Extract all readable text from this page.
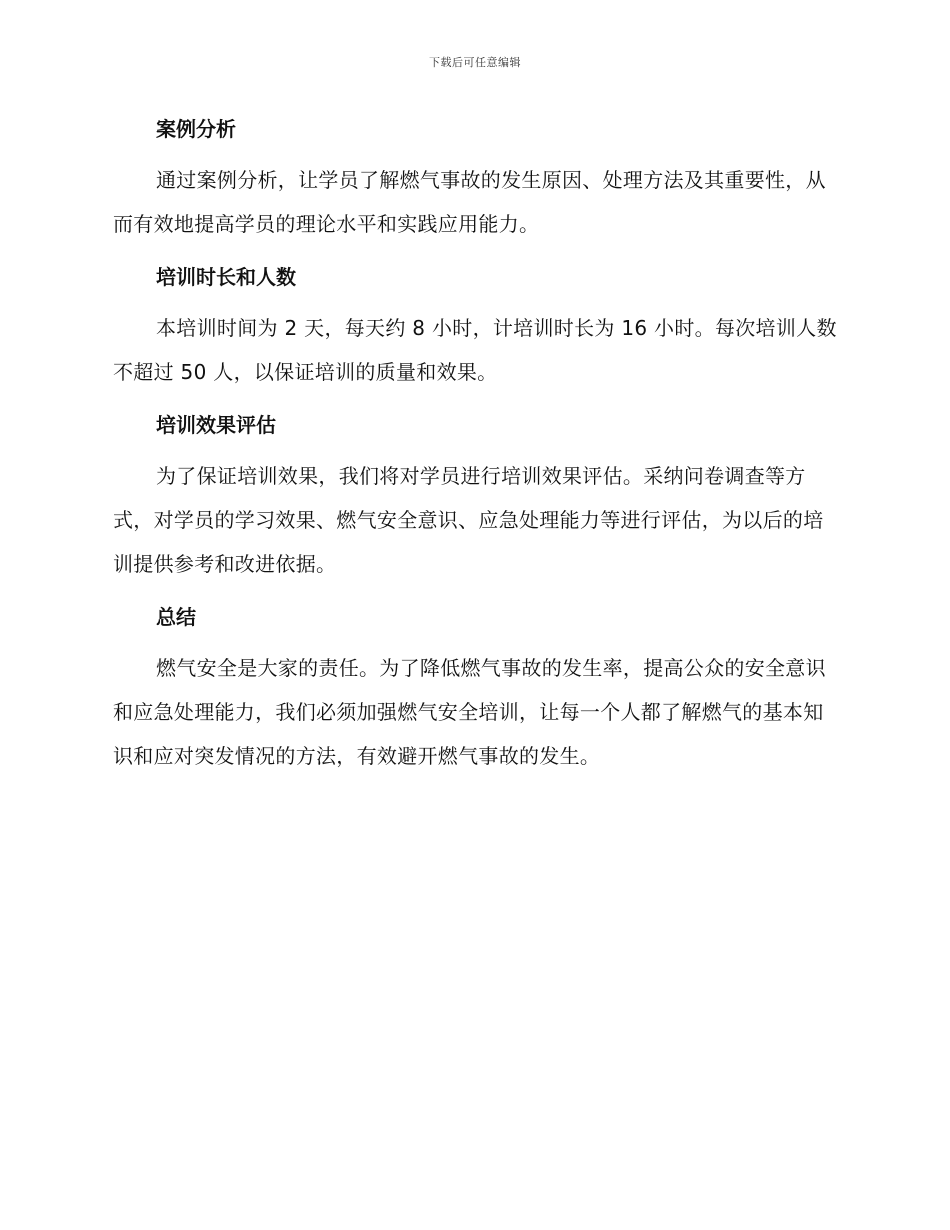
下载后可任意编辑
案例分析

通过案例分析，让学员了解燃气事故的发生原因、处理方法及其重要性，从而有效地提高学员的理论水平和实践应用能力。

培训时长和人数

本培训时间为 2 天，每天约 8 小时，计培训时长为 16 小时。每次培训人数不超过 50 人，以保证培训的质量和效果。

培训效果评估

为了保证培训效果，我们将对学员进行培训效果评估。采纳问卷调查等方式，对学员的学习效果、燃气安全意识、应急处理能力等进行评估，为以后的培训提供参考和改进依据。

总结

燃气安全是大家的责任。为了降低燃气事故的发生率，提高公众的安全意识和应急处理能力，我们必须加强燃气安全培训，让每一个人都了解燃气的基本知识和应对突发情况的方法，有效避开燃气事故的发生。
